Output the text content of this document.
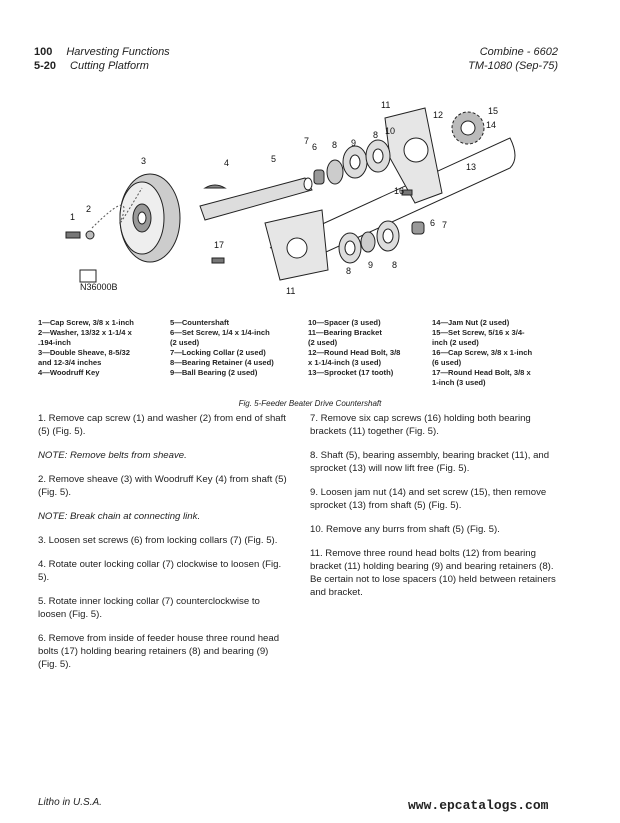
100 Harvesting Functions
5-20 Cutting Platform
Combine - 6602
TM-1080 (Sep-75)
N36000B
1
2
3	4	5
6
7	8 9
8 10
11
12
13
14
15
16
17
6 7
8
9 8
11
1—Cap Screw, 3/8 x 1-inch
2—Washer, 13/32 x 1-1/4 x
.194-inch
3—Double Sheave, 8-5/32
and 12-3/4 inches
4—Woodruff Key
5—Countershaft
6—Set Screw, 1/4 x 1/4-inch
(2 used)
7—Locking Collar (2 used)
8—Bearing Retainer (4 used)
9—Ball Bearing (2 used)
10—Spacer (3 used)
11—Bearing Bracket
(2 used)
12—Round Head Bolt, 3/8
x 1-1/4-inch (3 used)
13—Sprocket (17 tooth)
14—Jam Nut (2 used)
15—Set Screw, 5/16 x 3/4-
inch (2 used)
16—Cap Screw, 3/8 x 1-inch
(6 used)
17—Round Head Bolt, 3/8 x
1-inch (3 used)
Fig. 5-Feeder Beater Drive Countershaft

1. Remove cap screw (1) and washer (2) from end of shaft (5) (Fig. 5).

NOTE: Remove belts from sheave.

2. Remove sheave (3) with Woodruff Key (4) from shaft (5) (Fig. 5).

NOTE: Break chain at connecting link.

3. Loosen set screws (6) from locking collars (7) (Fig. 5).

4. Rotate outer locking collar (7) clockwise to loosen (Fig. 5).

5. Rotate inner locking collar (7) counterclockwise to loosen (Fig. 5).

6. Remove from inside of feeder house three round head bolts (17) holding bearing retainers (8) and bearing (9) (Fig. 5).

7. Remove six cap screws (16) holding both bearing brackets (11) together (Fig. 5).

8. Shaft (5), bearing assembly, bearing bracket (11), and sprocket (13) will now lift free (Fig. 5).

9. Loosen jam nut (14) and set screw (15), then remove sprocket (13) from shaft (5) (Fig. 5).

10. Remove any burrs from shaft (5) (Fig. 5).

11. Remove three round head bolts (12) from bearing bracket (11) holding bearing (9) and bearing retainers (8). Be certain not to lose spacers (10) held between retainers and bracket.

Litho in U.S.A.	www.epcatalogs.com
